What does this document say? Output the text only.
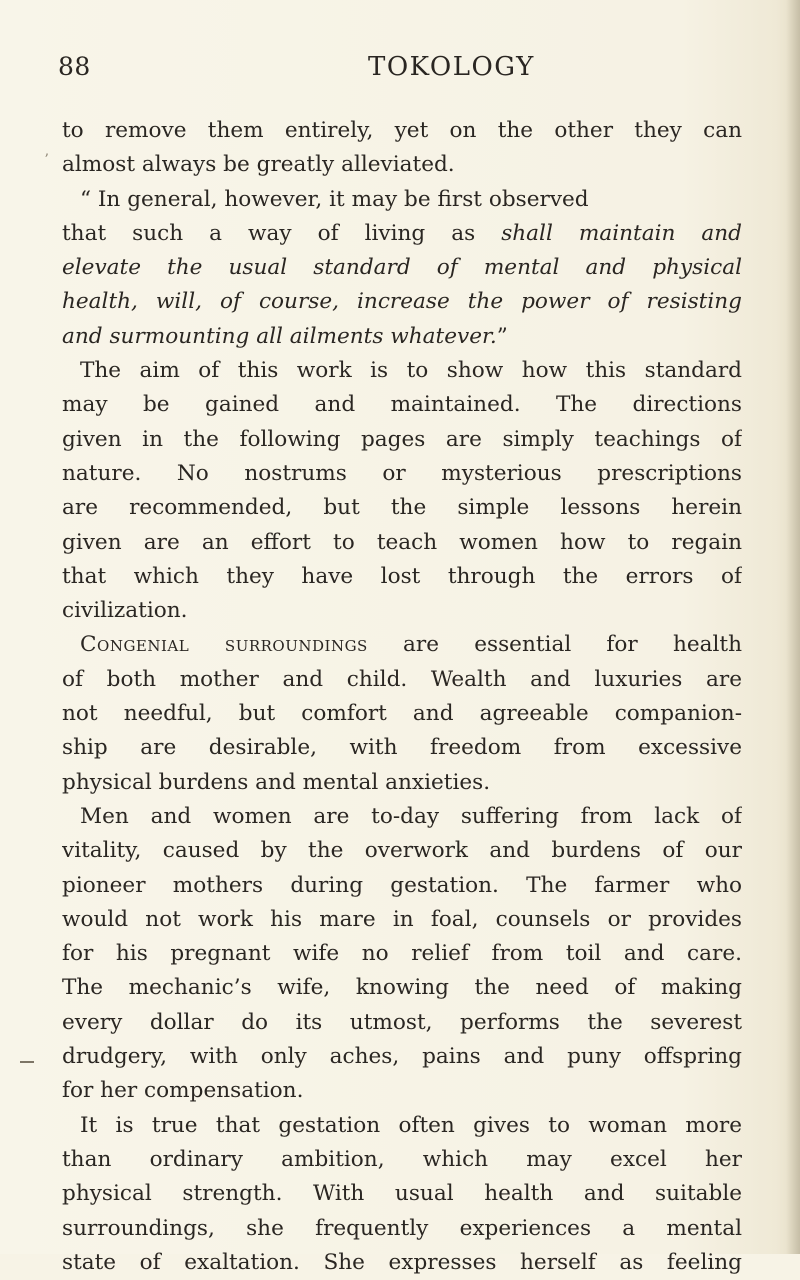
88	TOKOLOGY
ʼ
to remove them entirely, yet on the other they can
almost always be greatly alleviated.
“ In general, however, it may be first observed
that such a way of living as shall maintain and
elevate the usual standard of mental and physical
health, will, of course, increase the power of resisting
and surmounting all ailments whatever.”
The aim of this work is to show how this standard
may be gained and maintained. The directions
given in the following pages are simply teachings of
nature. No nostrums or mysterious prescriptions
are recommended, but the simple lessons herein
given are an effort to teach women how to regain
that which they have lost through the errors of
civilization.
Congenial surroundings are essential for health
of both mother and child. Wealth and luxuries are
not needful, but comfort and agreeable companion-
ship are desirable, with freedom from excessive
physical burdens and mental anxieties.
Men and women are to-day suffering from lack of
vitality, caused by the overwork and burdens of our
pioneer mothers during gestation. The farmer who
would not work his mare in foal, counsels or provides
for his pregnant wife no relief from toil and care.
The mechanic’s wife, knowing the need of making
every dollar do its utmost, performs the severest
drudgery, with only aches, pains and puny offspring
for her compensation.
It is true that gestation often gives to woman more
than ordinary ambition, which may excel her
physical strength. With usual health and suitable
surroundings, she frequently experiences a mental
state of exaltation. She expresses herself as feeling
